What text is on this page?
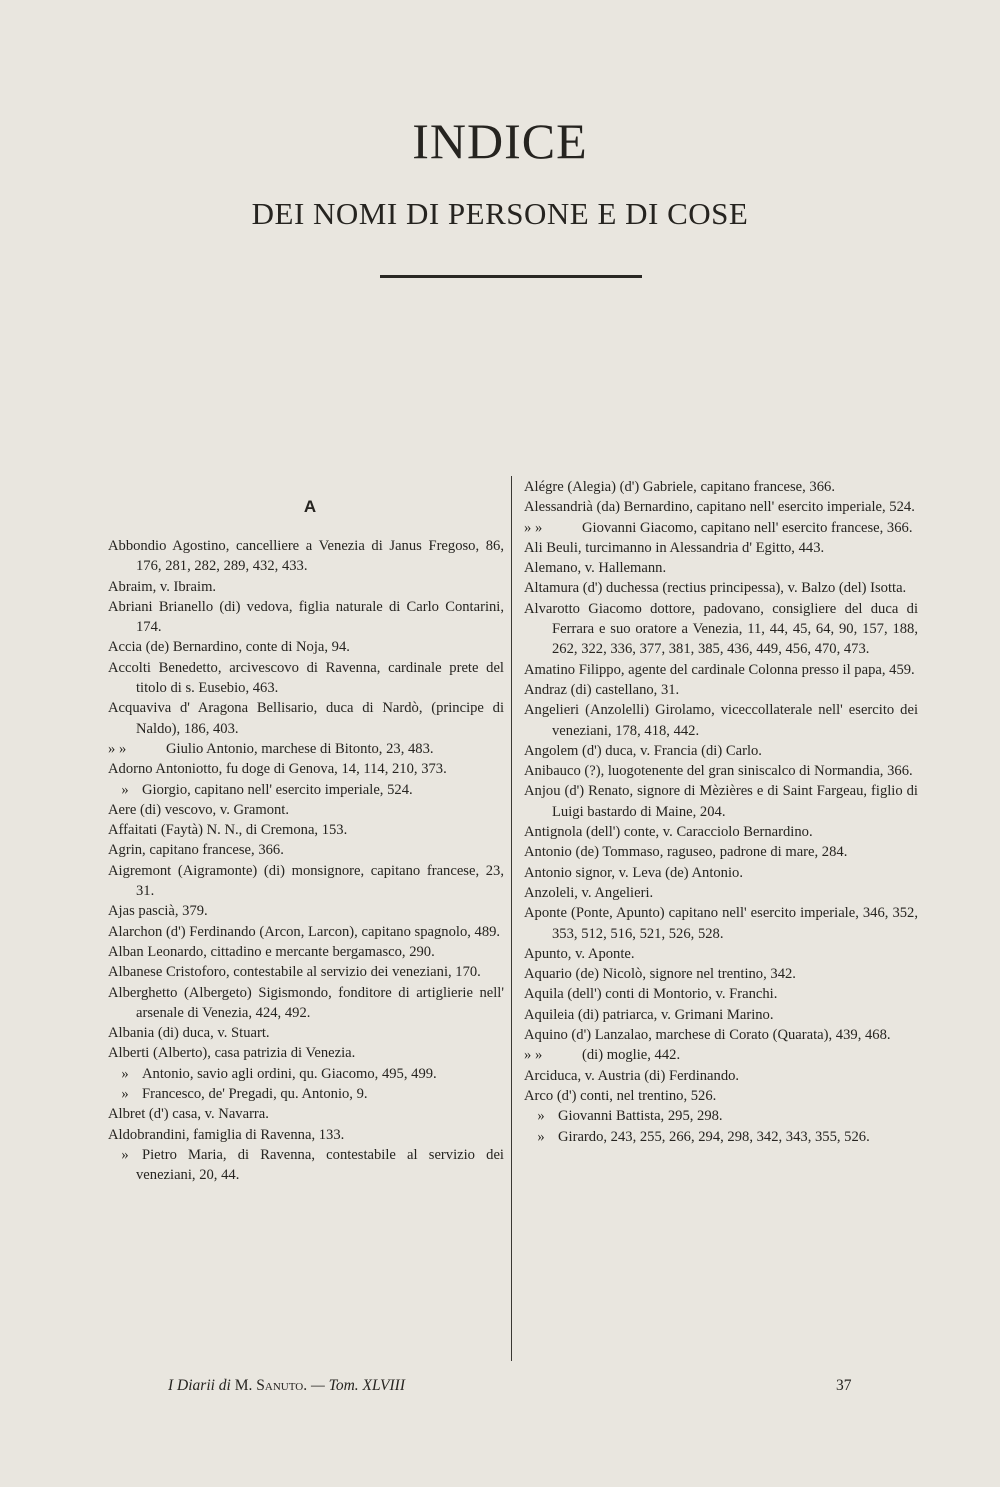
INDICE
DEI NOMI DI PERSONE E DI COSE
A

Abbondio Agostino, cancelliere a Venezia di Janus Fregoso, 86, 176, 281, 282, 289, 432, 433.

Abraim, v. Ibraim.

Abriani Brianello (di) vedova, figlia naturale di Carlo Contarini, 174.

Accia (de) Bernardino, conte di Noja, 94.

Accolti Benedetto, arcivescovo di Ravenna, cardinale prete del titolo di s. Eusebio, 463.

Acquaviva d' Aragona Bellisario, duca di Nardò, (principe di Naldo), 186, 403.

» »	Giulio Antonio, marchese di Bitonto, 23, 483.

Adorno Antoniotto, fu doge di Genova, 14, 114, 210, 373.

» Giorgio, capitano nell' esercito imperiale, 524.

Aere (di) vescovo, v. Gramont.

Affaitati (Faytà) N. N., di Cremona, 153.

Agrin, capitano francese, 366.

Aigremont (Aigramonte) (di) monsignore, capitano francese, 23, 31.

Ajas pascià, 379.

Alarchon (d') Ferdinando (Arcon, Larcon), capitano spagnolo, 489.

Alban Leonardo, cittadino e mercante bergamasco, 290.

Albanese Cristoforo, contestabile al servizio dei veneziani, 170.

Alberghetto (Albergeto) Sigismondo, fonditore di artiglierie nell' arsenale di Venezia, 424, 492.

Albania (di) duca, v. Stuart.

Alberti (Alberto), casa patrizia di Venezia.

» Antonio, savio agli ordini, qu. Giacomo, 495, 499.

» Francesco, de' Pregadi, qu. Antonio, 9.

Albret (d') casa, v. Navarra.

Aldobrandini, famiglia di Ravenna, 133.

» Pietro Maria, di Ravenna, contestabile al servizio dei veneziani, 20, 44.

Alégre (Alegia) (d') Gabriele, capitano francese, 366.

Alessandrià (da) Bernardino, capitano nell' esercito imperiale, 524.

» »	Giovanni Giacomo, capitano nell' esercito francese, 366.

Ali Beuli, turcimanno in Alessandria d' Egitto, 443.

Alemano, v. Hallemann.

Altamura (d') duchessa (rectius principessa), v. Balzo (del) Isotta.

Alvarotto Giacomo dottore, padovano, consigliere del duca di Ferrara e suo oratore a Venezia, 11, 44, 45, 64, 90, 157, 188, 262, 322, 336, 377, 381, 385, 436, 449, 456, 470, 473.

Amatino Filippo, agente del cardinale Colonna presso il papa, 459.

Andraz (di) castellano, 31.

Angelieri (Anzolelli) Girolamo, viceccollaterale nell' esercito dei veneziani, 178, 418, 442.

Angolem (d') duca, v. Francia (di) Carlo.

Anibauco (?), luogotenente del gran siniscalco di Normandia, 366.

Anjou (d') Renato, signore di Mèzières e di Saint Fargeau, figlio di Luigi bastardo di Maine, 204.

Antignola (dell') conte, v. Caracciolo Bernardino.

Antonio (de) Tommaso, raguseo, padrone di mare, 284.

Antonio signor, v. Leva (de) Antonio.

Anzoleli, v. Angelieri.

Aponte (Ponte, Apunto) capitano nell' esercito imperiale, 346, 352, 353, 512, 516, 521, 526, 528.

Apunto, v. Aponte.

Aquario (de) Nicolò, signore nel trentino, 342.

Aquila (dell') conti di Montorio, v. Franchi.

Aquileia (di) patriarca, v. Grimani Marino.

Aquino (d') Lanzalao, marchese di Corato (Quarata), 439, 468.

» »	(di) moglie, 442.

Arciduca, v. Austria (di) Ferdinando.

Arco (d') conti, nel trentino, 526.

» Giovanni Battista, 295, 298.

» Girardo, 243, 255, 266, 294, 298, 342, 343, 355, 526.

I Diarii di M. Sanuto. — Tom. XLVIII	37
